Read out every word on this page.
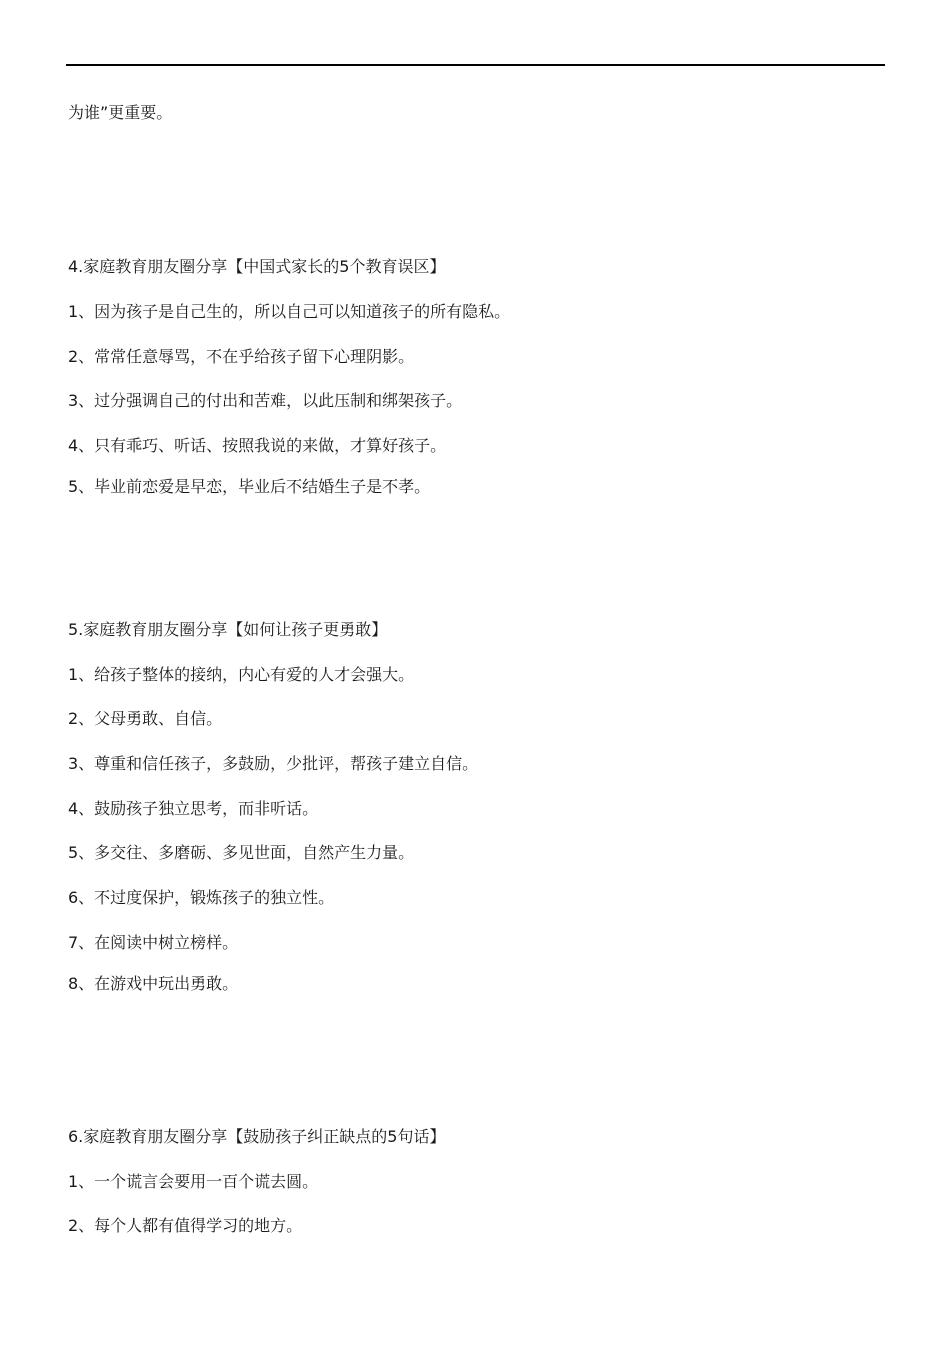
为谁”更重要。
4.家庭教育朋友圈分享【中国式家长的5个教育误区】
1、因为孩子是自己生的，所以自己可以知道孩子的所有隐私。
2、常常任意辱骂，不在乎给孩子留下心理阴影。
3、过分强调自己的付出和苦难，以此压制和绑架孩子。
4、只有乖巧、听话、按照我说的来做，才算好孩子。
5、毕业前恋爱是早恋，毕业后不结婚生子是不孝。
5.家庭教育朋友圈分享【如何让孩子更勇敢】
1、给孩子整体的接纳，内心有爱的人才会强大。
2、父母勇敢、自信。
3、尊重和信任孩子，多鼓励，少批评，帮孩子建立自信。
4、鼓励孩子独立思考，而非听话。
5、多交往、多磨砺、多见世面，自然产生力量。
6、不过度保护，锻炼孩子的独立性。
7、在阅读中树立榜样。
8、在游戏中玩出勇敢。
6.家庭教育朋友圈分享【鼓励孩子纠正缺点的5句话】
1、一个谎言会要用一百个谎去圆。
2、每个人都有值得学习的地方。
